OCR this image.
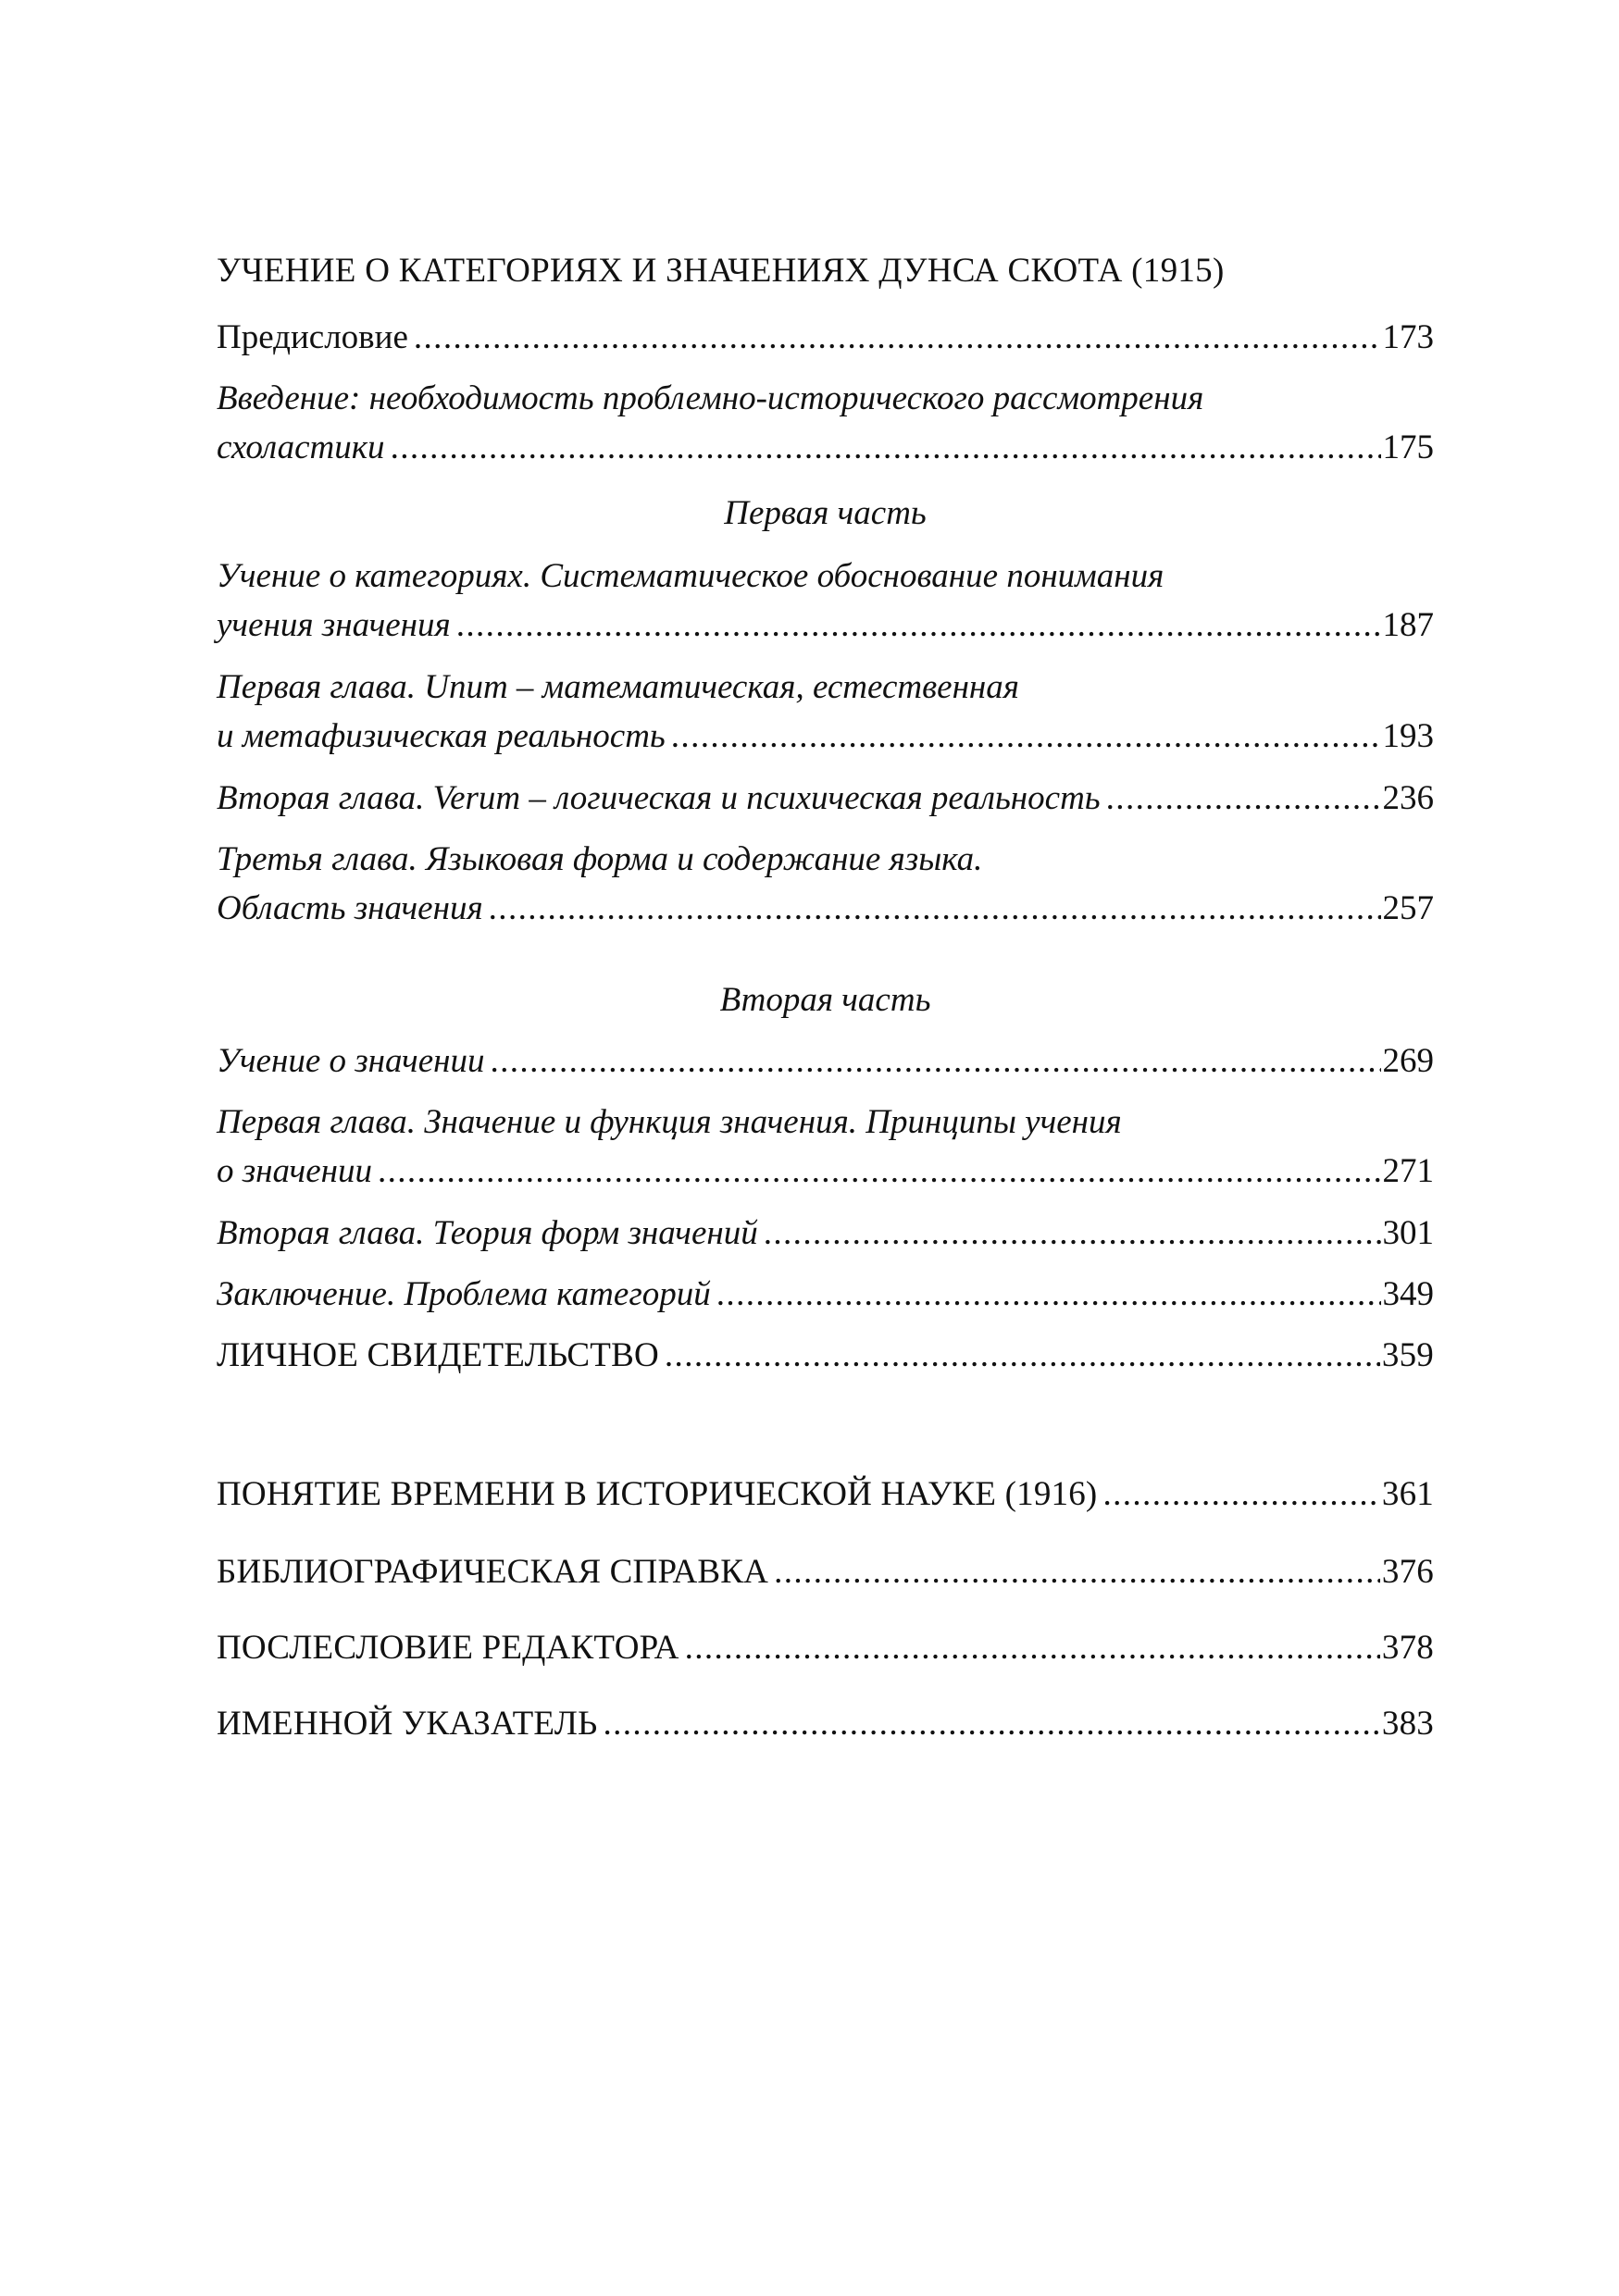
УЧЕНИЕ О КАТЕГОРИЯХ И ЗНАЧЕНИЯХ ДУНСА СКОТА (1915)
Предисловие .....	173
Введение: необходимость проблемно-исторического рассмотрения
схоластики .....	175
Первая часть
Учение о категориях. Систематическое обоснование понимания
учения значения .....	187
Первая глава. Unum – математическая, естественная
и метафизическая реальность .....	193
Вторая глава. Verum – логическая и психическая реальность .....	236
Третья глава. Языковая форма и содержание языка.
Область значения .....	257
Вторая часть
Учение о значении .....	269
Первая глава. Значение и функция значения. Принципы учения
о значении .....	271
Вторая глава. Теория форм значений .....	301
Заключение. Проблема категорий .....	349
ЛИЧНОЕ СВИДЕТЕЛЬСТВО .....	359
ПОНЯТИЕ ВРЕМЕНИ В ИСТОРИЧЕСКОЙ НАУКЕ (1916) .....	361
БИБЛИОГРАФИЧЕСКАЯ СПРАВКА .....	376
ПОСЛЕСЛОВИЕ РЕДАКТОРА .....	378
ИМЕННОЙ УКАЗАТЕЛЬ .....	383
